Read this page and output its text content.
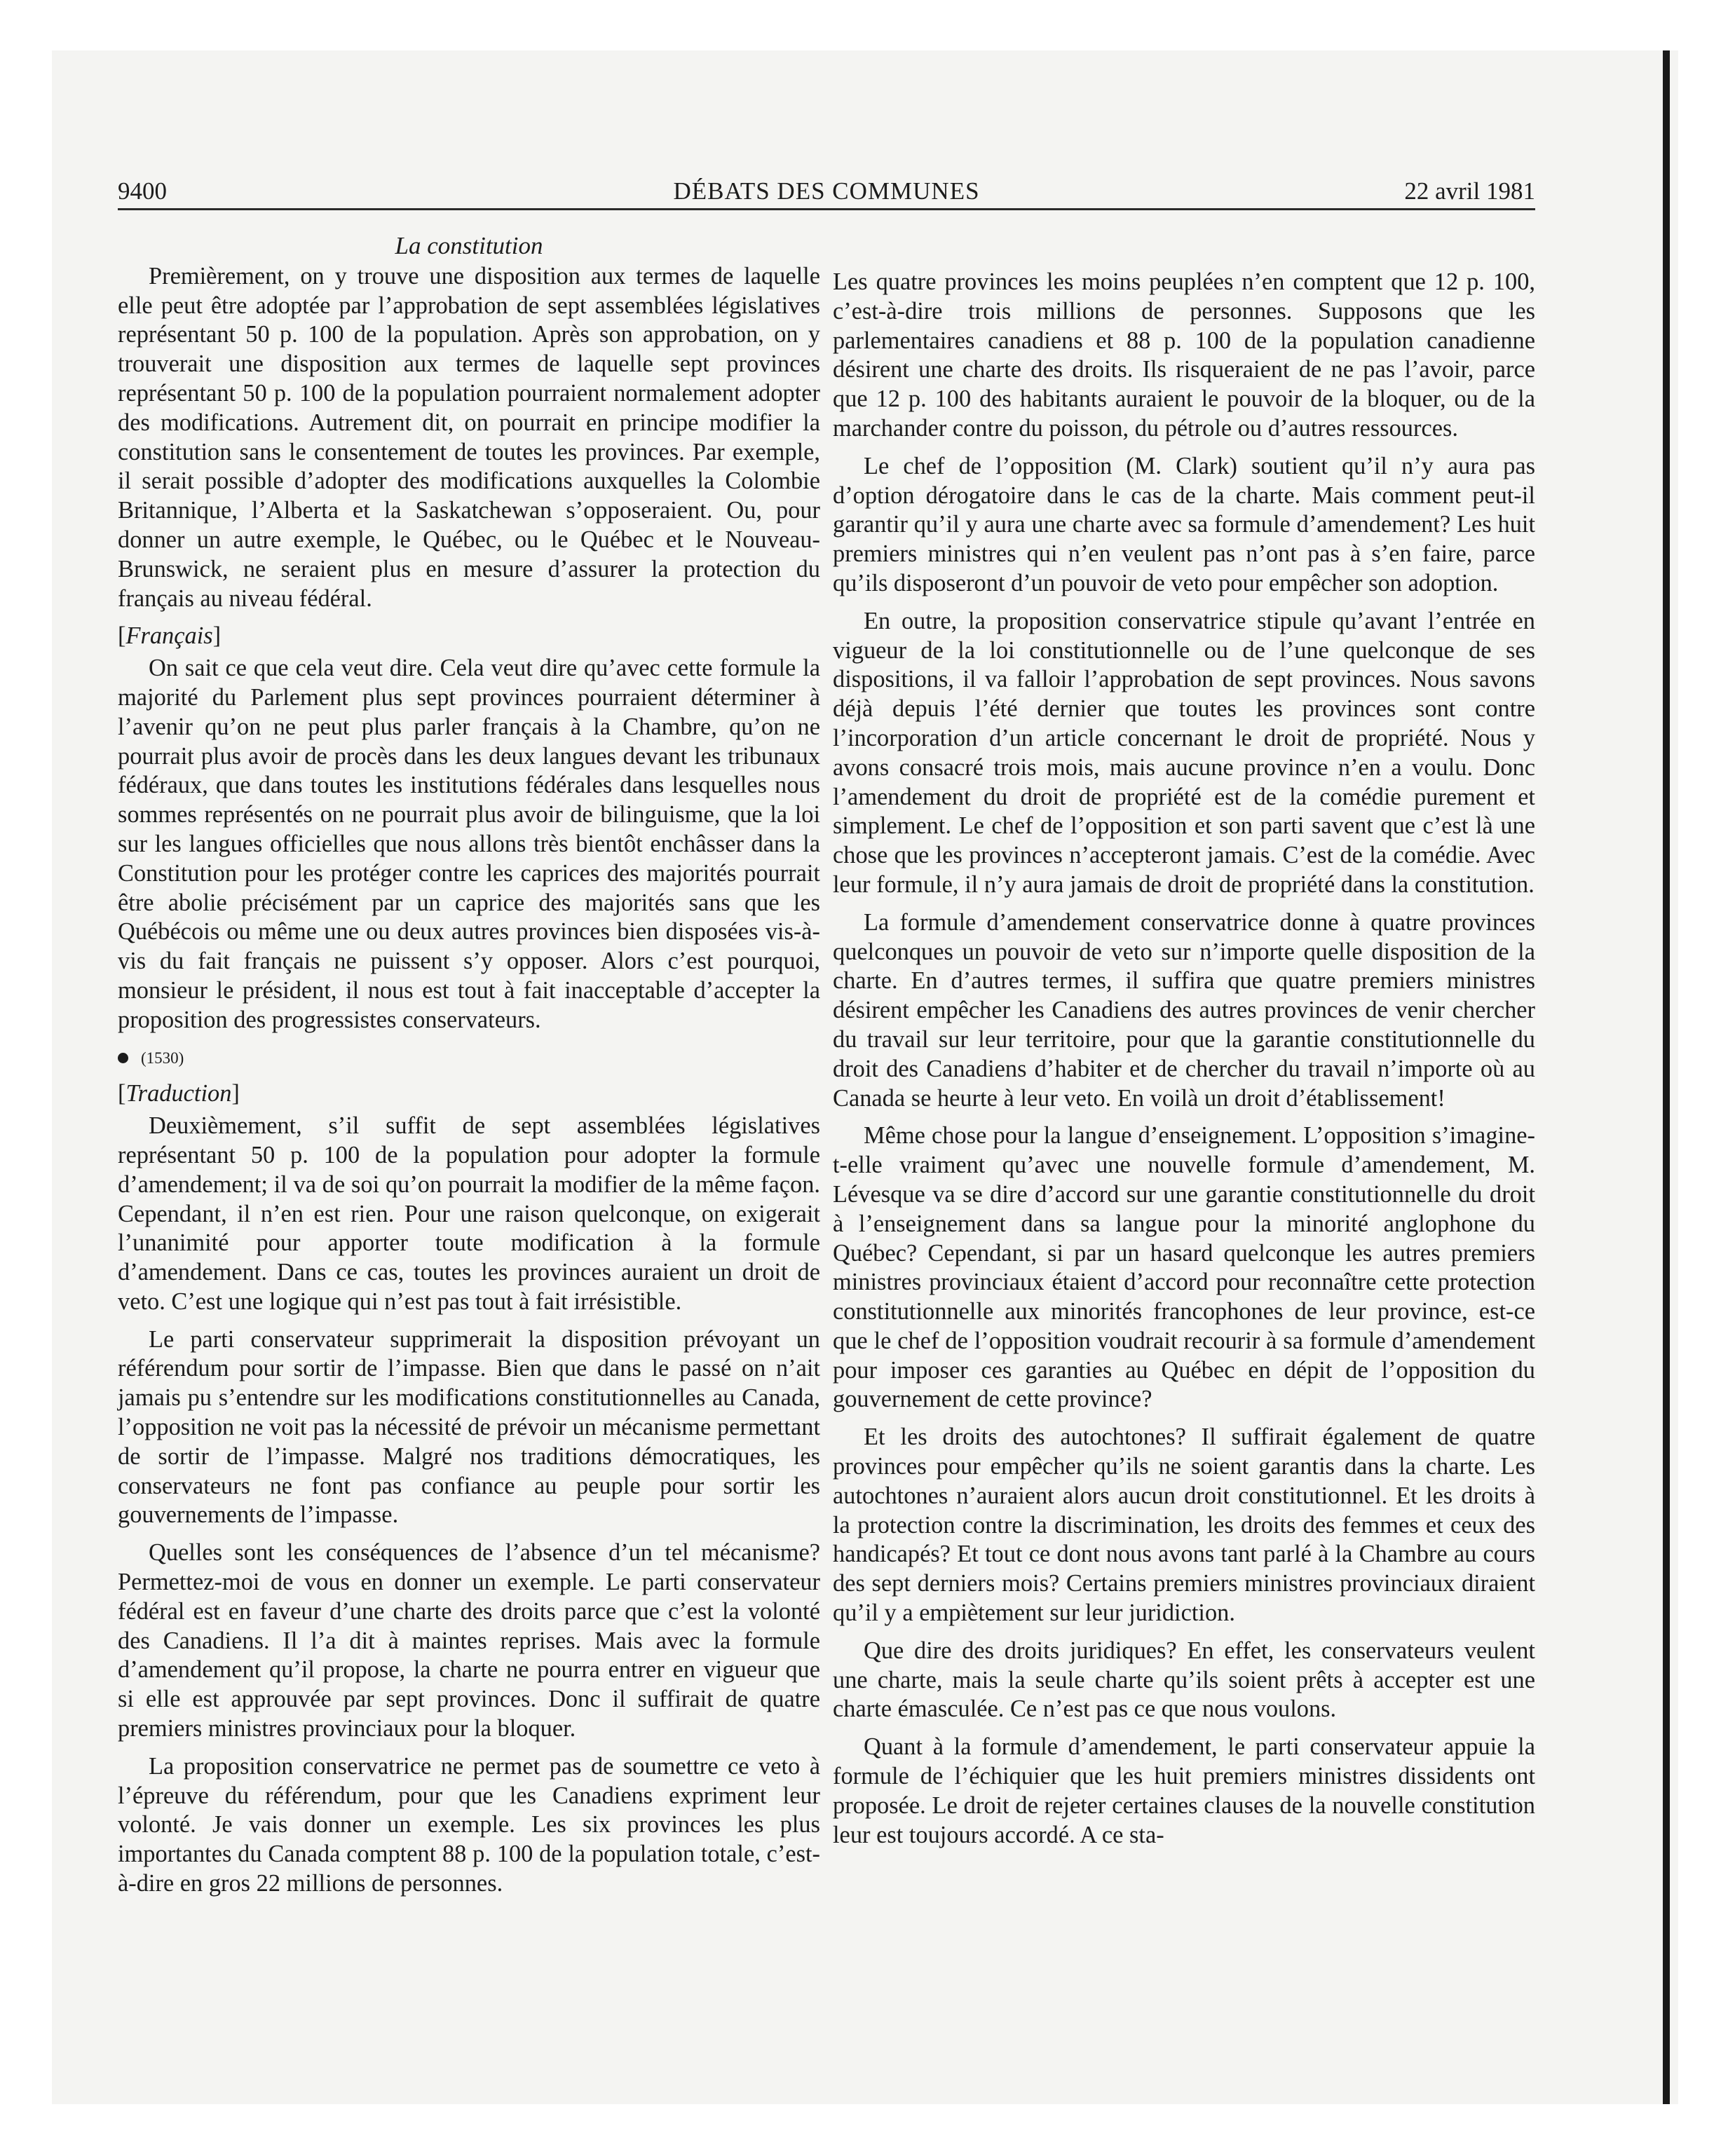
9400	DÉBATS DES COMMUNES	22 avril 1981
La constitution

Premièrement, on y trouve une disposition aux termes de laquelle elle peut être adoptée par l’approbation de sept assemblées législatives représentant 50 p. 100 de la population. Après son approbation, on y trouverait une disposition aux termes de laquelle sept provinces représentant 50 p. 100 de la population pourraient normalement adopter des modifications. Autrement dit, on pourrait en principe modifier la constitution sans le consentement de toutes les provinces. Par exemple, il serait possible d’adopter des modifications auxquelles la Colombie Britannique, l’Alberta et la Saskatchewan s’opposeraient. Ou, pour donner un autre exemple, le Québec, ou le Québec et le Nouveau-Brunswick, ne seraient plus en mesure d’assurer la protection du français au niveau fédéral.

[Français]

On sait ce que cela veut dire. Cela veut dire qu’avec cette formule la majorité du Parlement plus sept provinces pourraient déterminer à l’avenir qu’on ne peut plus parler français à la Chambre, qu’on ne pourrait plus avoir de procès dans les deux langues devant les tribunaux fédéraux, que dans toutes les institutions fédérales dans lesquelles nous sommes représentés on ne pourrait plus avoir de bilinguisme, que la loi sur les langues officielles que nous allons très bientôt enchâsser dans la Constitution pour les protéger contre les caprices des majorités pourrait être abolie précisément par un caprice des majorités sans que les Québécois ou même une ou deux autres provinces bien disposées vis-à-vis du fait français ne puissent s’y opposer. Alors c’est pourquoi, monsieur le président, il nous est tout à fait inacceptable d’accepter la proposition des progressistes conservateurs.

(1530)
[Traduction]

Deuxièmement, s’il suffit de sept assemblées législatives représentant 50 p. 100 de la population pour adopter la formule d’amendement; il va de soi qu’on pourrait la modifier de la même façon. Cependant, il n’en est rien. Pour une raison quelconque, on exigerait l’unanimité pour apporter toute modification à la formule d’amendement. Dans ce cas, toutes les provinces auraient un droit de veto. C’est une logique qui n’est pas tout à fait irrésistible.

Le parti conservateur supprimerait la disposition prévoyant un référendum pour sortir de l’impasse. Bien que dans le passé on n’ait jamais pu s’entendre sur les modifications constitutionnelles au Canada, l’opposition ne voit pas la nécessité de prévoir un mécanisme permettant de sortir de l’impasse. Malgré nos traditions démocratiques, les conservateurs ne font pas confiance au peuple pour sortir les gouvernements de l’impasse.

Quelles sont les conséquences de l’absence d’un tel mécanisme? Permettez-moi de vous en donner un exemple. Le parti conservateur fédéral est en faveur d’une charte des droits parce que c’est la volonté des Canadiens. Il l’a dit à maintes reprises. Mais avec la formule d’amendement qu’il propose, la charte ne pourra entrer en vigueur que si elle est approuvée par sept provinces. Donc il suffirait de quatre premiers ministres provinciaux pour la bloquer.

La proposition conservatrice ne permet pas de soumettre ce veto à l’épreuve du référendum, pour que les Canadiens expriment leur volonté. Je vais donner un exemple. Les six provinces les plus importantes du Canada comptent 88 p. 100 de la population totale, c’est-à-dire en gros 22 millions de personnes.

Les quatre provinces les moins peuplées n’en comptent que 12 p. 100, c’est-à-dire trois millions de personnes. Supposons que les parlementaires canadiens et 88 p. 100 de la population canadienne désirent une charte des droits. Ils risqueraient de ne pas l’avoir, parce que 12 p. 100 des habitants auraient le pouvoir de la bloquer, ou de la marchander contre du poisson, du pétrole ou d’autres ressources.

Le chef de l’opposition (M. Clark) soutient qu’il n’y aura pas d’option dérogatoire dans le cas de la charte. Mais comment peut-il garantir qu’il y aura une charte avec sa formule d’amendement? Les huit premiers ministres qui n’en veulent pas n’ont pas à s’en faire, parce qu’ils disposeront d’un pouvoir de veto pour empêcher son adoption.

En outre, la proposition conservatrice stipule qu’avant l’entrée en vigueur de la loi constitutionnelle ou de l’une quelconque de ses dispositions, il va falloir l’approbation de sept provinces. Nous savons déjà depuis l’été dernier que toutes les provinces sont contre l’incorporation d’un article concernant le droit de propriété. Nous y avons consacré trois mois, mais aucune province n’en a voulu. Donc l’amendement du droit de propriété est de la comédie purement et simplement. Le chef de l’opposition et son parti savent que c’est là une chose que les provinces n’accepteront jamais. C’est de la comédie. Avec leur formule, il n’y aura jamais de droit de propriété dans la constitution.

La formule d’amendement conservatrice donne à quatre provinces quelconques un pouvoir de veto sur n’importe quelle disposition de la charte. En d’autres termes, il suffira que quatre premiers ministres désirent empêcher les Canadiens des autres provinces de venir chercher du travail sur leur territoire, pour que la garantie constitutionnelle du droit des Canadiens d’habiter et de chercher du travail n’importe où au Canada se heurte à leur veto. En voilà un droit d’établissement!

Même chose pour la langue d’enseignement. L’opposition s’imagine-t-elle vraiment qu’avec une nouvelle formule d’amendement, M. Lévesque va se dire d’accord sur une garantie constitutionnelle du droit à l’enseignement dans sa langue pour la minorité anglophone du Québec? Cependant, si par un hasard quelconque les autres premiers ministres provinciaux étaient d’accord pour reconnaître cette protection constitutionnelle aux minorités francophones de leur province, est-ce que le chef de l’opposition voudrait recourir à sa formule d’amendement pour imposer ces garanties au Québec en dépit de l’opposition du gouvernement de cette province?

Et les droits des autochtones? Il suffirait également de quatre provinces pour empêcher qu’ils ne soient garantis dans la charte. Les autochtones n’auraient alors aucun droit constitutionnel. Et les droits à la protection contre la discrimination, les droits des femmes et ceux des handicapés? Et tout ce dont nous avons tant parlé à la Chambre au cours des sept derniers mois? Certains premiers ministres provinciaux diraient qu’il y a empiètement sur leur juridiction.

Que dire des droits juridiques? En effet, les conservateurs veulent une charte, mais la seule charte qu’ils soient prêts à accepter est une charte émasculée. Ce n’est pas ce que nous voulons.

Quant à la formule d’amendement, le parti conservateur appuie la formule de l’échiquier que les huit premiers ministres dissidents ont proposée. Le droit de rejeter certaines clauses de la nouvelle constitution leur est toujours accordé. A ce sta-
